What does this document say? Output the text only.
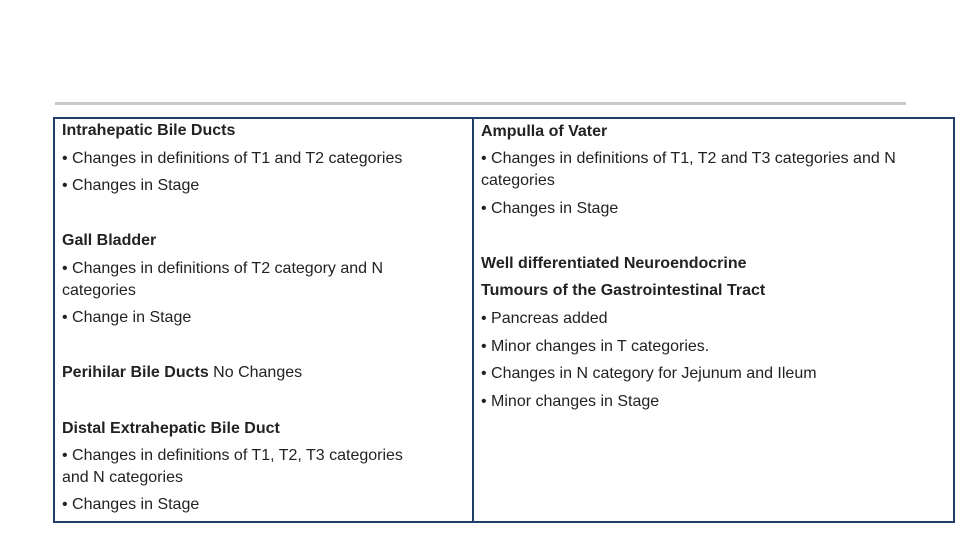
Intrahepatic Bile Ducts
• Changes in definitions of T1 and T2 categories
• Changes in Stage
Gall Bladder
• Changes in definitions of T2 category and N
categories
• Change in Stage
Perihilar Bile Ducts No Changes
Distal Extrahepatic Bile Duct
• Changes in definitions of T1, T2, T3 categories
and N categories
• Changes in Stage
Ampulla of Vater
• Changes in definitions of T1, T2 and T3 categories and N
categories
• Changes in Stage
Well differentiated Neuroendocrine
Tumours of the Gastrointestinal Tract
• Pancreas added
• Minor changes in T categories.
• Changes in N category for Jejunum and Ileum
• Minor changes in Stage
